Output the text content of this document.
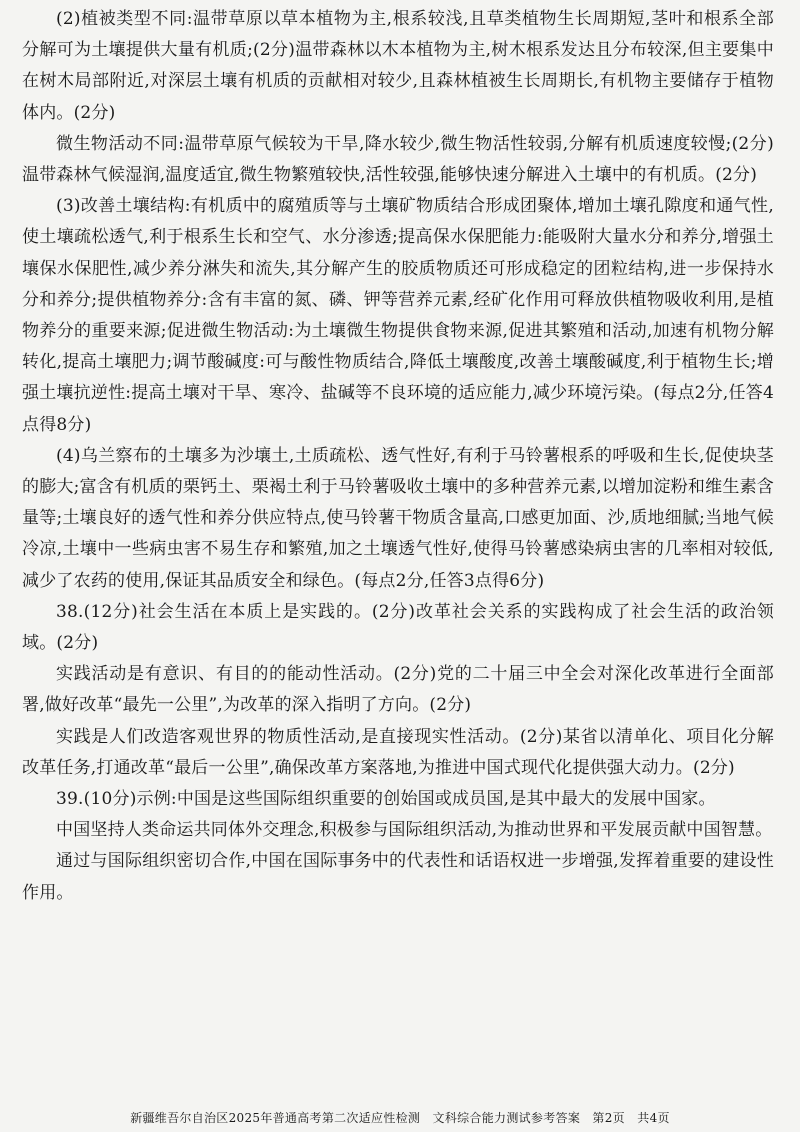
(2)植被类型不同:温带草原以草本植物为主,根系较浅,且草类植物生长周期短,茎叶和根系全部分解可为土壤提供大量有机质;(2分)温带森林以木本植物为主,树木根系发达且分布较深,但主要集中在树木局部附近,对深层土壤有机质的贡献相对较少,且森林植被生长周期长,有机物主要储存于植物体内。(2分)

微生物活动不同:温带草原气候较为干旱,降水较少,微生物活性较弱,分解有机质速度较慢;(2分)温带森林气候湿润,温度适宜,微生物繁殖较快,活性较强,能够快速分解进入土壤中的有机质。(2分)

(3)改善土壤结构:有机质中的腐殖质等与土壤矿物质结合形成团聚体,增加土壤孔隙度和通气性,使土壤疏松透气,利于根系生长和空气、水分渗透;提高保水保肥能力:能吸附大量水分和养分,增强土壤保水保肥性,减少养分淋失和流失,其分解产生的胶质物质还可形成稳定的团粒结构,进一步保持水分和养分;提供植物养分:含有丰富的氮、磷、钾等营养元素,经矿化作用可释放供植物吸收利用,是植物养分的重要来源;促进微生物活动:为土壤微生物提供食物来源,促进其繁殖和活动,加速有机物分解转化,提高土壤肥力;调节酸碱度:可与酸性物质结合,降低土壤酸度,改善土壤酸碱度,利于植物生长;增强土壤抗逆性:提高土壤对干旱、寒冷、盐碱等不良环境的适应能力,减少环境污染。(每点2分,任答4点得8分)

(4)乌兰察布的土壤多为沙壤土,土质疏松、透气性好,有利于马铃薯根系的呼吸和生长,促使块茎的膨大;富含有机质的栗钙土、栗褐土利于马铃薯吸收土壤中的多种营养元素,以增加淀粉和维生素含量等;土壤良好的透气性和养分供应特点,使马铃薯干物质含量高,口感更加面、沙,质地细腻;当地气候冷凉,土壤中一些病虫害不易生存和繁殖,加之土壤透气性好,使得马铃薯感染病虫害的几率相对较低,减少了农药的使用,保证其品质安全和绿色。(每点2分,任答3点得6分)

38.(12分)社会生活在本质上是实践的。(2分)改革社会关系的实践构成了社会生活的政治领域。(2分)

实践活动是有意识、有目的的能动性活动。(2分)党的二十届三中全会对深化改革进行全面部署,做好改革“最先一公里”,为改革的深入指明了方向。(2分)

实践是人们改造客观世界的物质性活动,是直接现实性活动。(2分)某省以清单化、项目化分解改革任务,打通改革“最后一公里”,确保改革方案落地,为推进中国式现代化提供强大动力。(2分)

39.(10分)示例:中国是这些国际组织重要的创始国或成员国,是其中最大的发展中国家。

中国坚持人类命运共同体外交理念,积极参与国际组织活动,为推动世界和平发展贡献中国智慧。

通过与国际组织密切合作,中国在国际事务中的代表性和话语权进一步增强,发挥着重要的建设性作用。

新疆维吾尔自治区2025年普通高考第二次适应性检测　文科综合能力测试参考答案　第2页　共4页
